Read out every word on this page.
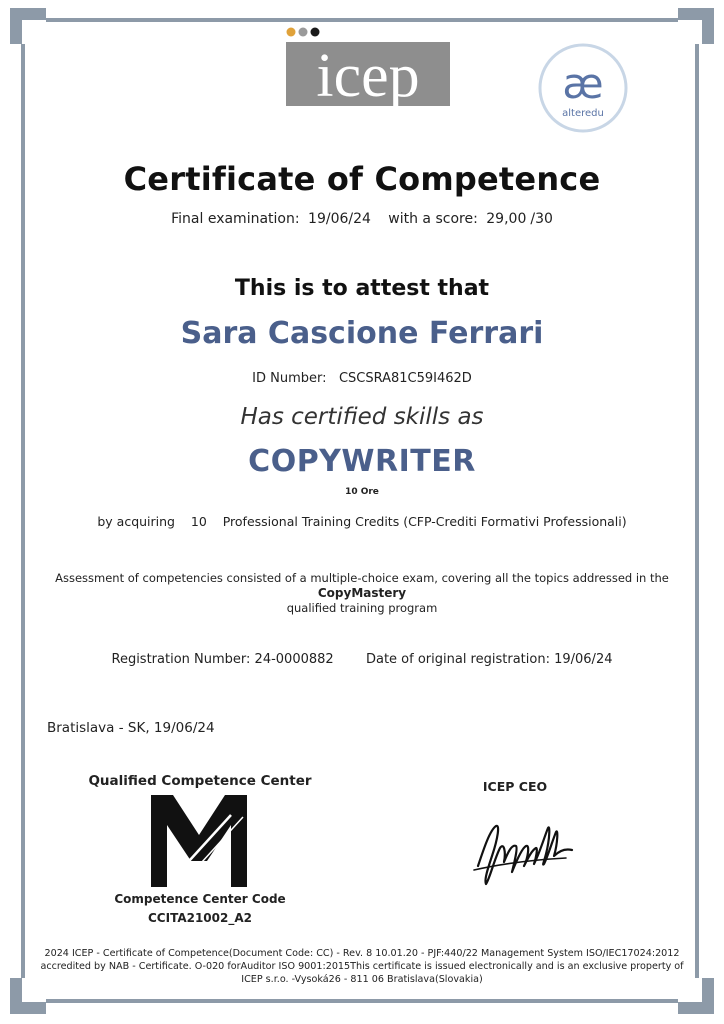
icep	æ
alteredu
Certificate of Competence
Final examination: 19/06/24 with a score: 29,00 /30
This is to attest that
Sara Cascione Ferrari
ID Number: CSCSRA81C59I462D
Has certified skills as
COPYWRITER
10 Ore
by acquiring 10 Professional Training Credits (CFP-Crediti Formativi Professionali)
Assessment of competencies consisted of a multiple-choice exam, covering all the topics addressed in the
CopyMastery
qualified training program
Registration Number: 24-0000882 Date of original registration: 19/06/24
Bratislava - SK, 19/06/24
Qualified Competence Center
Competence Center Code
CCITA21002_A2
ICEP CEO
2024 ICEP - Certificate of Competence(Document Code: CC) - Rev. 8 10.01.20 - PJF:440/22 Management System ISO/IEC17024:2012 accredited by NAB - Certificate. O-020 forAuditor ISO 9001:2015This certificate is issued electronically and is an exclusive property of ICEP s.r.o. -Vysoká26 - 811 06 Bratislava(Slovakia)
